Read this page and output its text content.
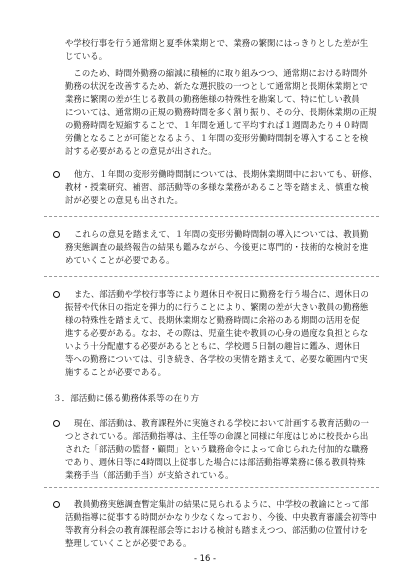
や学校行事を行う通常期と夏季休業期とで、業務の繁閑にはっきりとした差が生
じている。
　このため、時間外勤務の縮減に積極的に取り組みつつ、通常期における時間外
勤務の状況を改善するため、新たな選択肢の一つとして通常期と長期休業期とで
業務に繁閑の差が生じる教員の勤務態様の特殊性を勘案して、特に忙しい教員
については、通常期の正規の勤務時間を多く割り振り、その分、長期休業期の正規
の勤務時間を短縮することで、１年間を通して平均すれば１週間あたり４０時間
労働となることが可能となるよう、１年間の変形労働時間制を導入することを検
討する必要があるとの意見が出された。
他方、１年間の変形労働時間制については、長期休業期間中においても、研修、
教材・授業研究、補習、部活動等の多様な業務があること等を踏まえ、慎重な検
討が必要との意見も出された。
これらの意見を踏まえて、１年間の変形労働時間制の導入については、教員勤
務実態調査の最終報告の結果も鑑みながら、今後更に専門的・技術的な検討を進
めていくことが必要である。
また、部活動や学校行事等により週休日や祝日に勤務を行う場合に、週休日の
振替や代休日の指定を弾力的に行うことにより、繁閑の差が大きい教員の勤務態
様の特殊性を踏まえて、長期休業期など勤務時間に余裕のある期間の活用を促
進する必要がある。なお、その際は、児童生徒や教員の心身の過度な負担とらな
いよう十分配慮する必要があるとともに、学校週５日制の趣旨に鑑み、週休日
等への勤務については、引き続き、各学校の実情を踏まえて、必要な範囲内で実
施することが必要である。
３．部活動に係る勤務体系等の在り方
現在、部活動は、教育課程外に実施される学校において計画する教育活動の一
つとされている。部活動指導は、主任等の命課と同様に年度はじめに校長から出
された「部活動の監督・顧問」という職務命令によって命じられた付加的な職務
であり、週休日等に4時間以上従事した場合には部活動指導業務に係る教員特殊
業務手当（部活動手当）が支給されている。
教員勤務実態調査暫定集計の結果に見られるように、中学校の教諭にとって部
活動指導に従事する時間がかなり少なくなっており、今後、中央教育審議会初等中
等教育分科会の教育課程部会等における検討も踏まえつつ、部活動の位置付けを
整理していくことが必要である。
- 16 -
